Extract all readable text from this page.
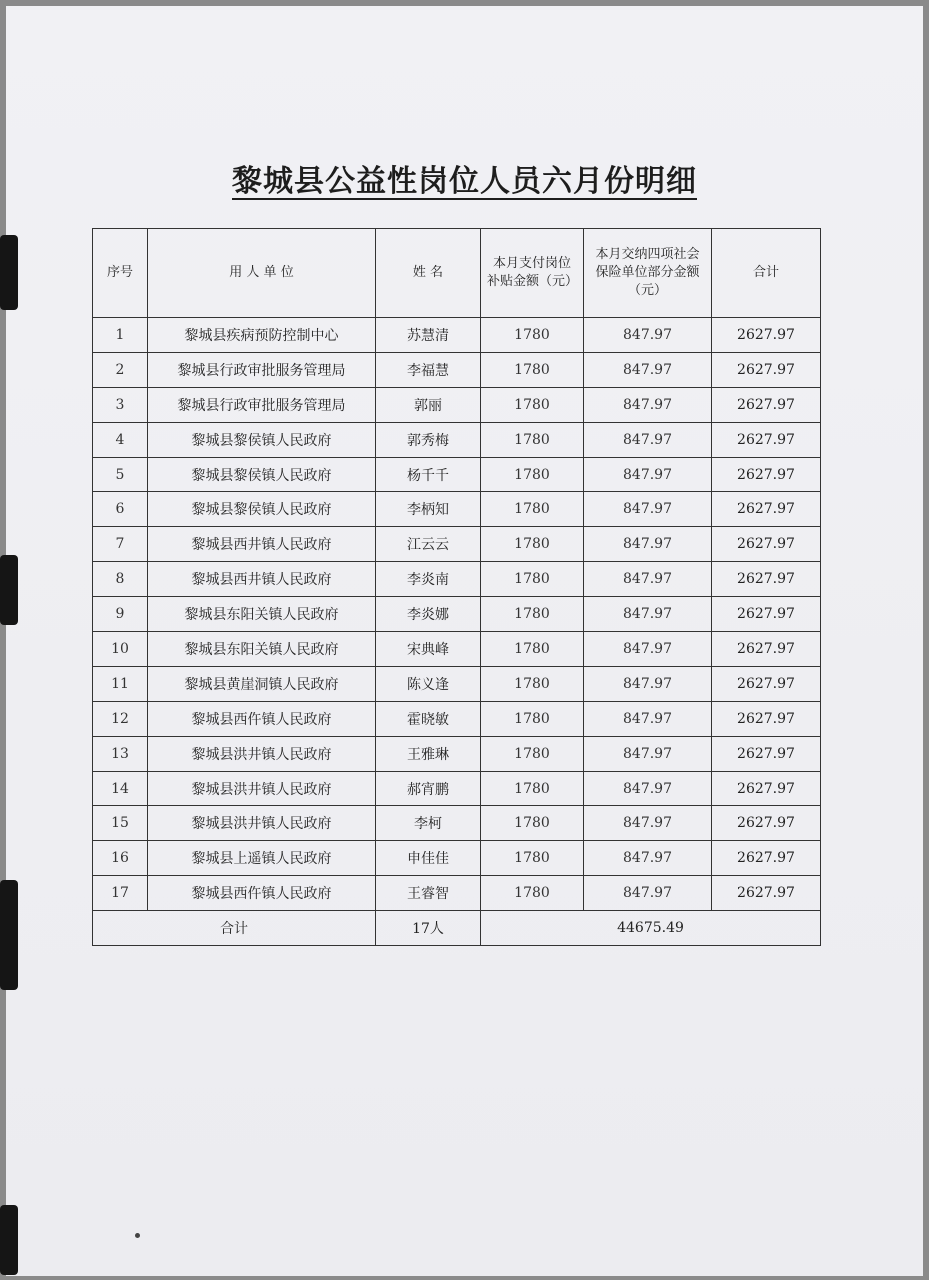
黎城县公益性岗位人员六月份明细
序号	用 人 单 位	姓 名	本月支付岗位补贴金额（元）	本月交纳四项社会保险单位部分金额（元）	合计
1	黎城县疾病预防控制中心	苏慧清	1780	847.97	2627.97
2	黎城县行政审批服务管理局	李福慧	1780	847.97	2627.97
3	黎城县行政审批服务管理局	郭丽	1780	847.97	2627.97
4	黎城县黎侯镇人民政府	郭秀梅	1780	847.97	2627.97
5	黎城县黎侯镇人民政府	杨千千	1780	847.97	2627.97
6	黎城县黎侯镇人民政府	李柄知	1780	847.97	2627.97
7	黎城县西井镇人民政府	江云云	1780	847.97	2627.97
8	黎城县西井镇人民政府	李炎南	1780	847.97	2627.97
9	黎城县东阳关镇人民政府	李炎娜	1780	847.97	2627.97
10	黎城县东阳关镇人民政府	宋典峰	1780	847.97	2627.97
11	黎城县黄崖洞镇人民政府	陈义逢	1780	847.97	2627.97
12	黎城县西仵镇人民政府	霍晓敏	1780	847.97	2627.97
13	黎城县洪井镇人民政府	王雅琳	1780	847.97	2627.97
14	黎城县洪井镇人民政府	郝宵鹏	1780	847.97	2627.97
15	黎城县洪井镇人民政府	李柯	1780	847.97	2627.97
16	黎城县上遥镇人民政府	申佳佳	1780	847.97	2627.97
17	黎城县西仵镇人民政府	王睿智	1780	847.97	2627.97
合计		17人	44675.49		
